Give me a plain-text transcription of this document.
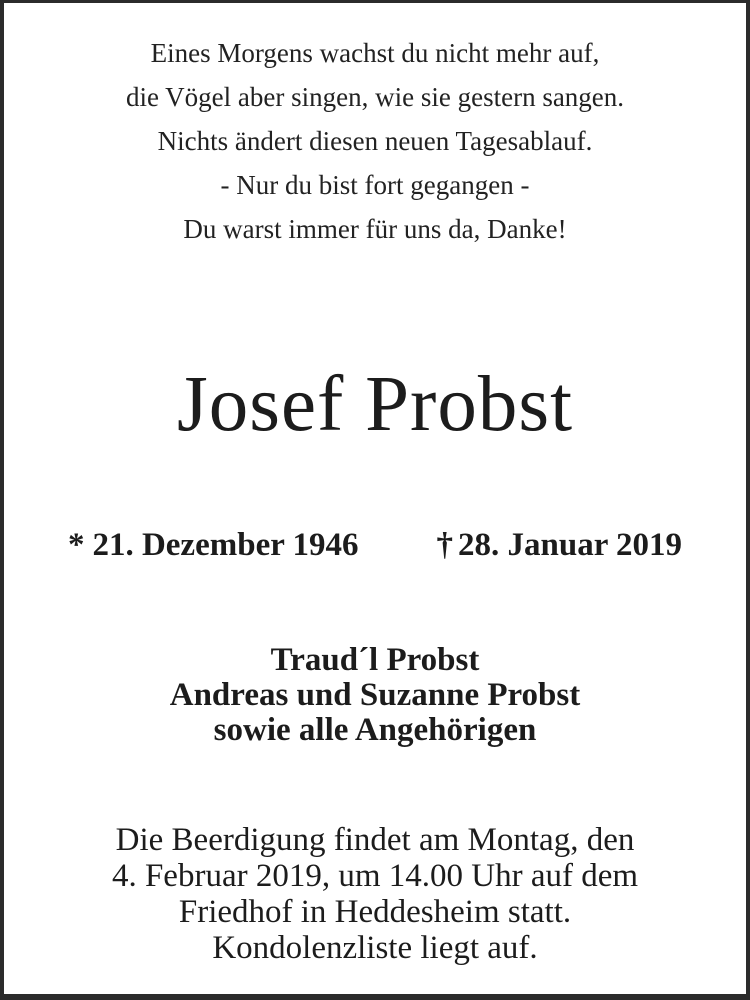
Eines Morgens wachst du nicht mehr auf,
die Vögel aber singen, wie sie gestern sangen.
Nichts ändert diesen neuen Tagesablauf.
- Nur du bist fort gegangen -
Du warst immer für uns da, Danke!
Josef Probst
* 21. Dezember 1946 † 28. Januar 2019
Traud´l Probst
Andreas und Suzanne Probst
sowie alle Angehörigen
Die Beerdigung findet am Montag, den
4. Februar 2019, um 14.00 Uhr auf dem
Friedhof in Heddesheim statt.
Kondolenzliste liegt auf.
